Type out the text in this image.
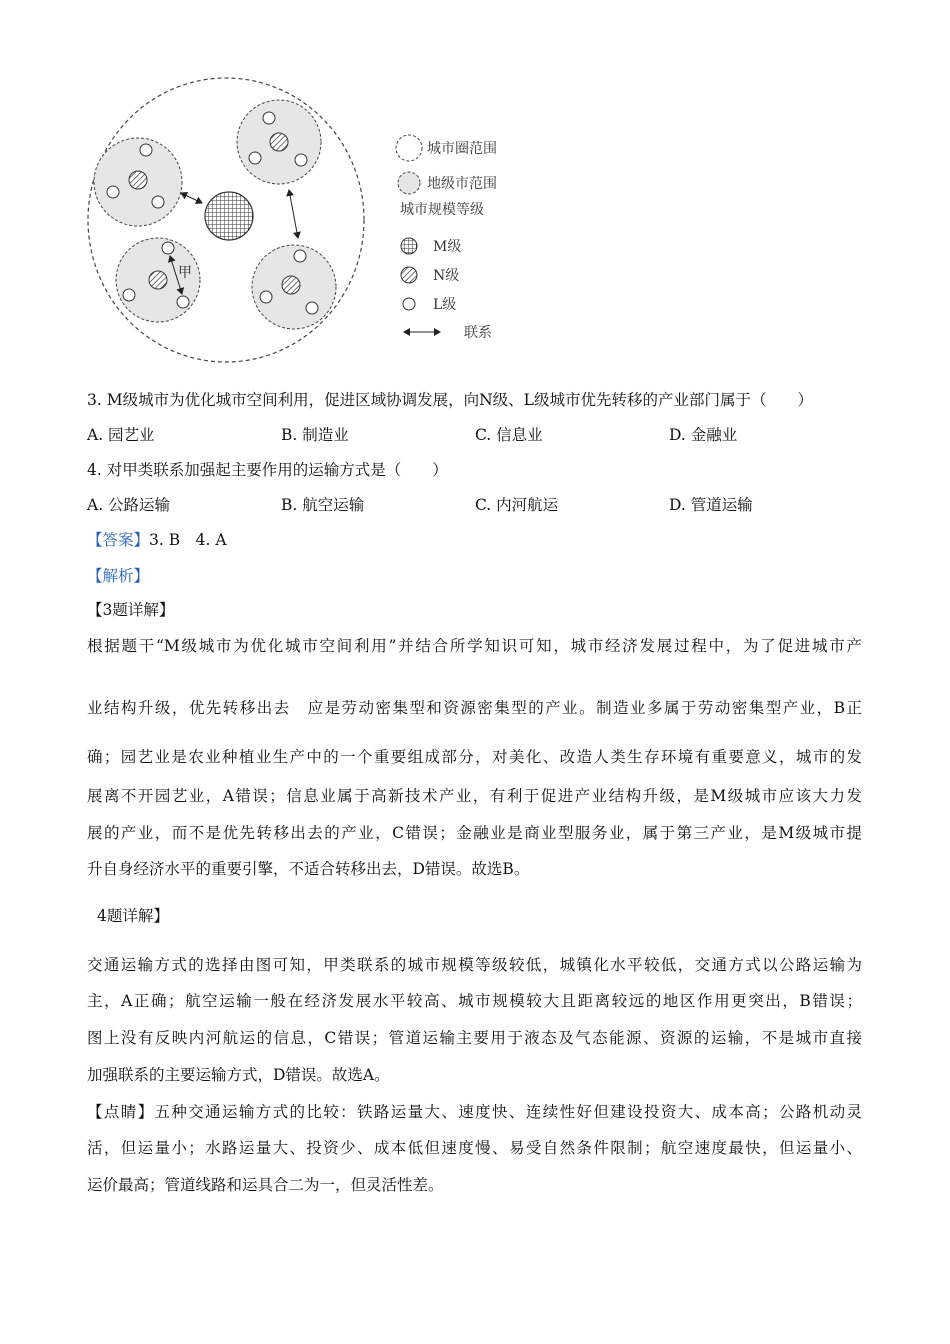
甲
城市圈范围
地级市范围
城市规模等级
M级
N级
L级
联系
3. M级城市为优化城市空间利用，促进区域协调发展，向N级、L级城市优先转移的产业部门属于（　　）
A. 园艺业	B. 制造业	C. 信息业	D. 金融业
4. 对甲类联系加强起主要作用的运输方式是（　　）
A. 公路运输	B. 航空运输	C. 内河航运	D. 管道运输
【答案】3. B　4. A
【解析】
【3题详解】
根据题干“M级城市为优化城市空间利用”并结合所学知识可知，城市经济发展过程中，为了促进城市产
业结构升级，优先转移出去　应是劳动密集型和资源密集型的产业。制造业多属于劳动密集型产业，B正
确；园艺业是农业种植业生产中的一个重要组成部分，对美化、改造人类生存环境有重要意义，城市的发
展离不开园艺业，A错误；信息业属于高新技术产业，有利于促进产业结构升级，是M级城市应该大力发
展的产业，而不是优先转移出去的产业，C错误；金融业是商业型服务业，属于第三产业，是M级城市提
升自身经济水平的重要引擎，不适合转移出去，D错误。故选B。
4题详解】
交通运输方式的选择由图可知，甲类联系的城市规模等级较低，城镇化水平较低，交通方式以公路运输为
主，A正确；航空运输一般在经济发展水平较高、城市规模较大且距离较远的地区作用更突出，B错误；
图上没有反映内河航运的信息，C错误；管道运输主要用于液态及气态能源、资源的运输，不是城市直接
加强联系的主要运输方式，D错误。故选A。
【点睛】五种交通运输方式的比较：铁路运量大、速度快、连续性好但建设投资大、成本高；公路机动灵
活，但运量小；水路运量大、投资少、成本低但速度慢、易受自然条件限制；航空速度最快，但运量小、
运价最高；管道线路和运具合二为一，但灵活性差。
